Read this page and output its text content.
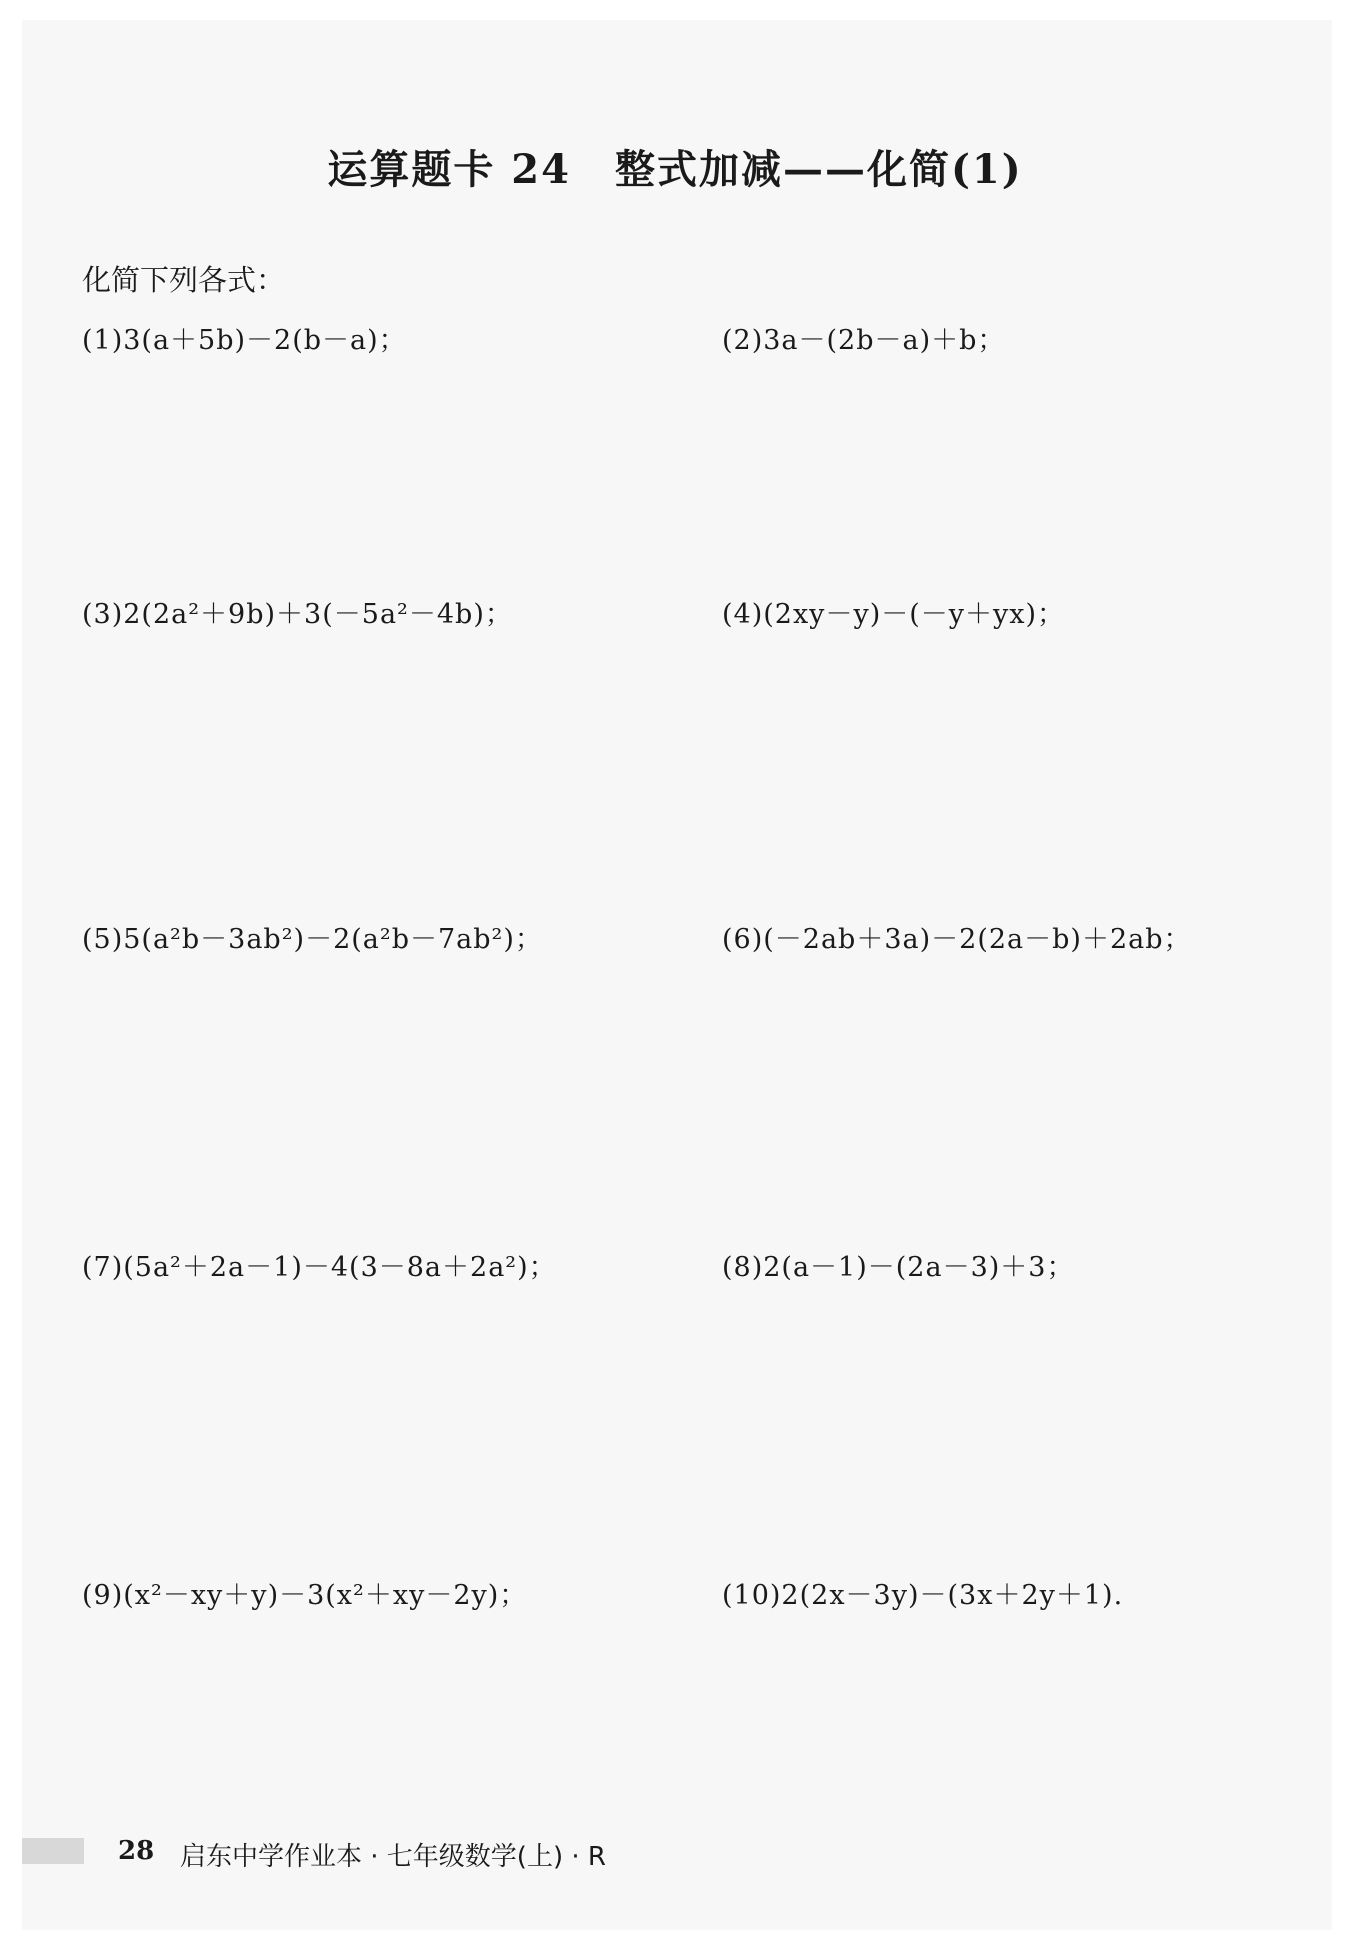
运算题卡 24 整式加减——化简(1)
化简下列各式：
(1)3(a＋5b)－2(b－a)；	(2)3a－(2b－a)＋b；
(3)2(2a²＋9b)＋3(－5a²－4b)；	(4)(2xy－y)－(－y＋yx)；
(5)5(a²b－3ab²)－2(a²b－7ab²)；	(6)(－2ab＋3a)－2(2a－b)＋2ab；
(7)(5a²＋2a－1)－4(3－8a＋2a²)；	(8)2(a－1)－(2a－3)＋3；
(9)(x²－xy＋y)－3(x²＋xy－2y)；	(10)2(2x－3y)－(3x＋2y＋1).
28 启东中学作业本 · 七年级数学(上) · R
